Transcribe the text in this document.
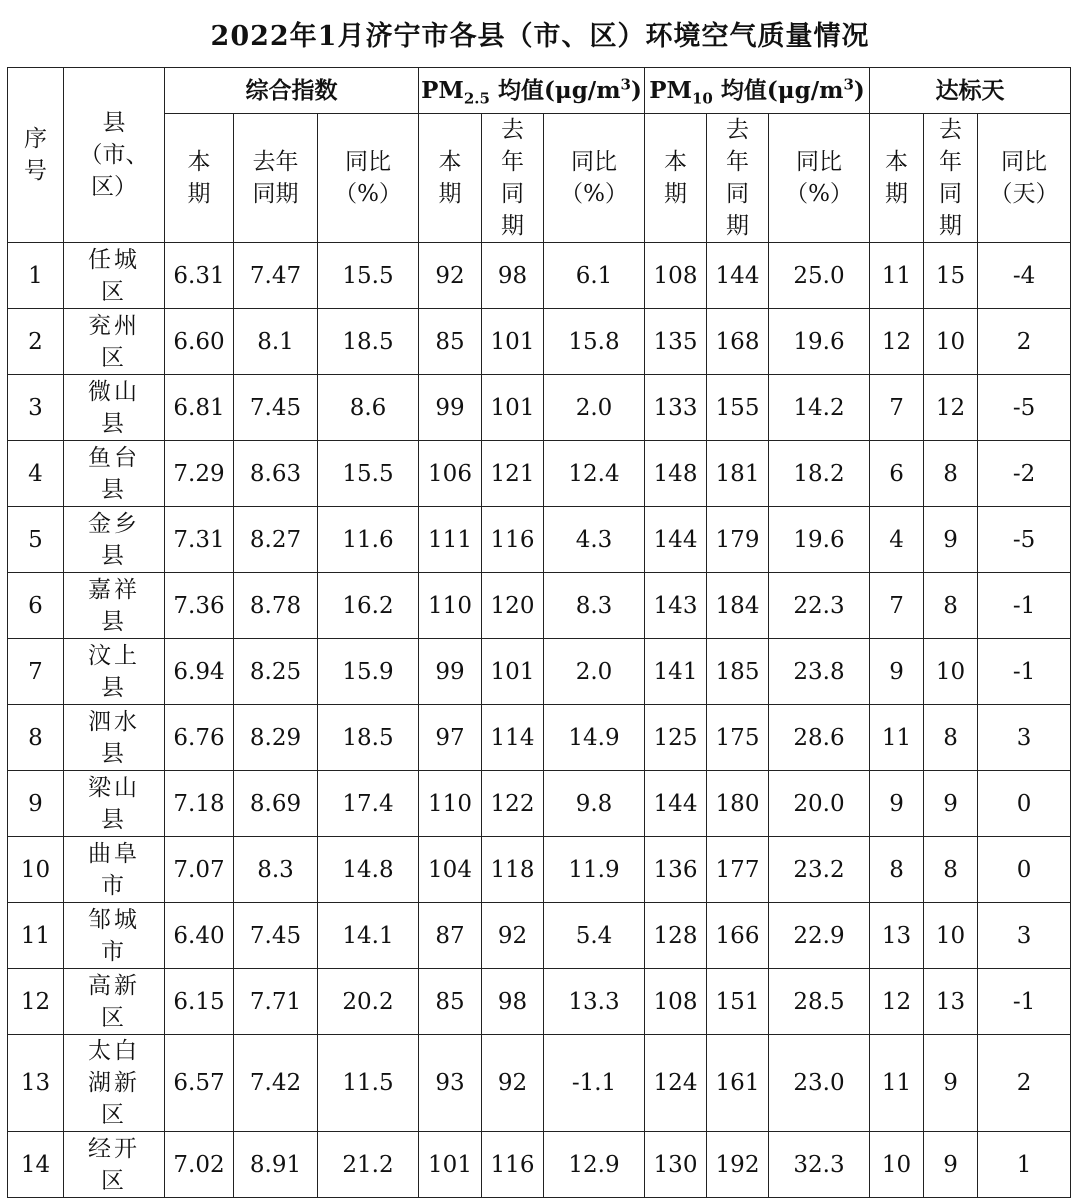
2022年1月济宁市各县（市、区）环境空气质量情况
序号	县（市、区）	综合指数			$PM_{2.5}$ 均值$(\mu g/m^3)$			$PM_{10}$ 均值$(\mu g/m^3)$			达标天		

		本期	去年同期	同比（%）	本期	去年同期	同比（%）	本期	去年同期	同比（%）	本期	去年同期	同比（天）

1	任城区	6.31	7.47	15.5	92	98	6.1	108	144	25.0	11	15	-4
2	兖州区	6.60	8.1	18.5	85	101	15.8	135	168	19.6	12	10	2
3	微山县	6.81	7.45	8.6	99	101	2.0	133	155	14.2	7	12	-5
4	鱼台县	7.29	8.63	15.5	106	121	12.4	148	181	18.2	6	8	-2
5	金乡县	7.31	8.27	11.6	111	116	4.3	144	179	19.6	4	9	-5
6	嘉祥县	7.36	8.78	16.2	110	120	8.3	143	184	22.3	7	8	-1
7	汶上县	6.94	8.25	15.9	99	101	2.0	141	185	23.8	9	10	-1
8	泗水县	6.76	8.29	18.5	97	114	14.9	125	175	28.6	11	8	3
9	梁山县	7.18	8.69	17.4	110	122	9.8	144	180	20.0	9	9	0
10	曲阜市	7.07	8.3	14.8	104	118	11.9	136	177	23.2	8	8	0
11	邹城市	6.40	7.45	14.1	87	92	5.4	128	166	22.9	13	10	3
12	高新区	6.15	7.71	20.2	85	98	13.3	108	151	28.5	12	13	-1
13	太白湖新区	6.57	7.42	11.5	93	92	-1.1	124	161	23.0	11	9	2
14	经开区	7.02	8.91	21.2	101	116	12.9	130	192	32.3	10	9	1
